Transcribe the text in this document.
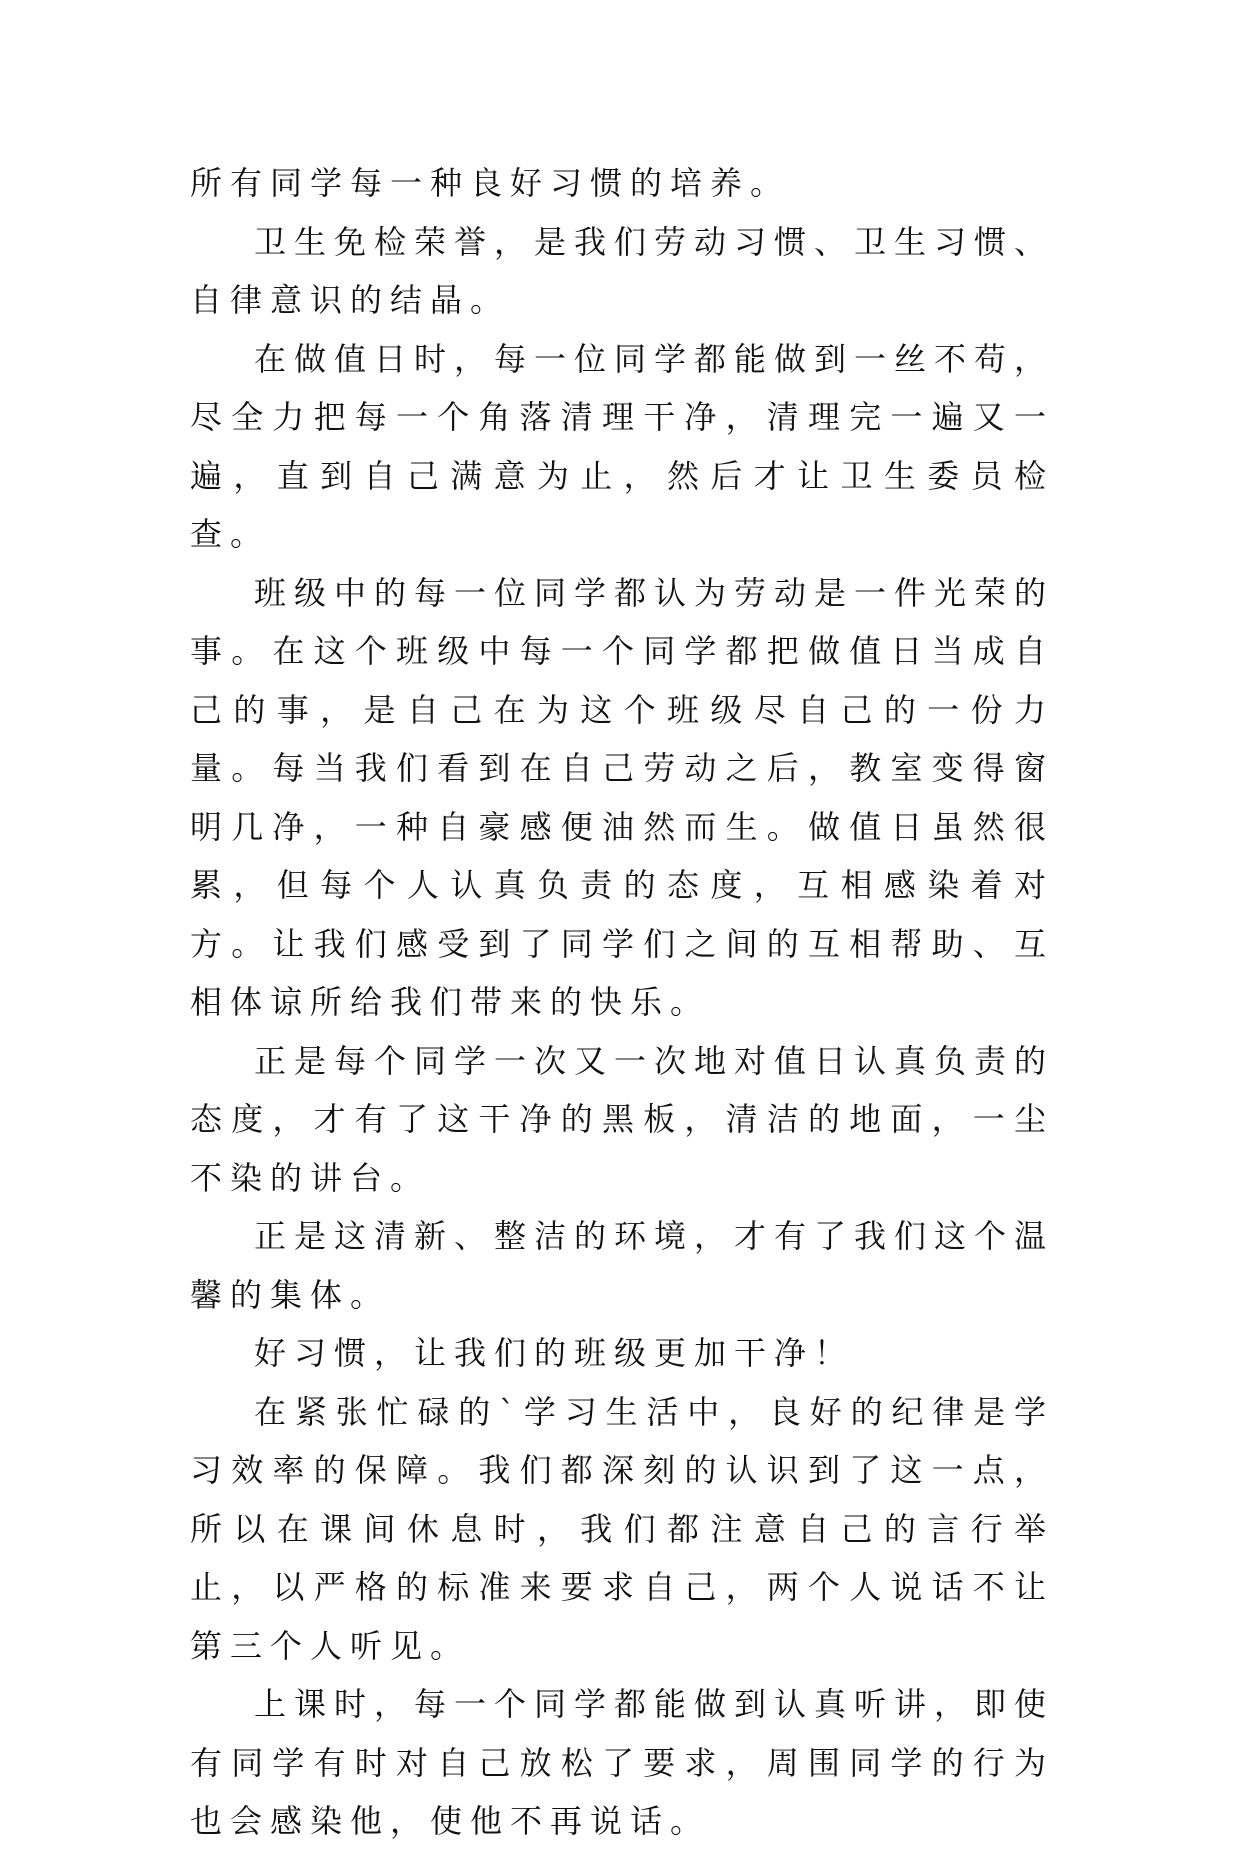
所有同学每一种良好习惯的培养。

卫生免检荣誉，是我们劳动习惯、卫生习惯、自律意识的结晶。

在做值日时，每一位同学都能做到一丝不苟，尽全力把每一个角落清理干净，清理完一遍又一遍，直到自己满意为止，然后才让卫生委员检查。

班级中的每一位同学都认为劳动是一件光荣的事。在这个班级中每一个同学都把做值日当成自己的事，是自己在为这个班级尽自己的一份力量。每当我们看到在自己劳动之后，教室变得窗明几净，一种自豪感便油然而生。做值日虽然很累，但每个人认真负责的态度，互相感染着对方。让我们感受到了同学们之间的互相帮助、互相体谅所给我们带来的快乐。

正是每个同学一次又一次地对值日认真负责的态度，才有了这干净的黑板，清洁的地面，一尘不染的讲台。

正是这清新、整洁的环境，才有了我们这个温馨的集体。

好习惯，让我们的班级更加干净！

在紧张忙碌的`学习生活中，良好的纪律是学习效率的保障。我们都深刻的认识到了这一点，所以在课间休息时，我们都注意自己的言行举止，以严格的标准来要求自己，两个人说话不让第三个人听见。

上课时，每一个同学都能做到认真听讲，即使有同学有时对自己放松了要求，周围同学的行为也会感染他，使他不再说话。
